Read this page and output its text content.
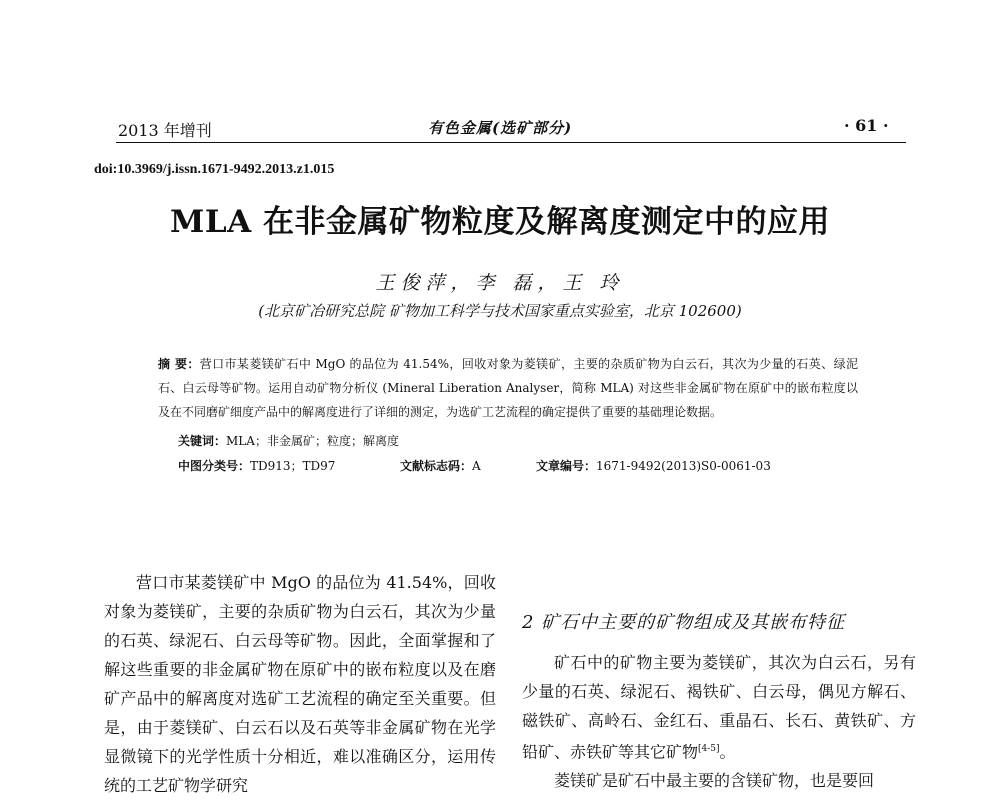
2013 年增刊	有色金属(选矿部分)	· 61 ·
doi:10.3969/j.issn.1671-9492.2013.z1.015
MLA 在非金属矿物粒度及解离度测定中的应用
王俊萍，李 磊，王 玲
(北京矿冶研究总院 矿物加工科学与技术国家重点实验室，北京 102600)
摘 要：营口市某菱镁矿石中 MgO 的品位为 41.54%，回收对象为菱镁矿，主要的杂质矿物为白云石，其次为少量的石英、绿泥石、白云母等矿物。运用自动矿物分析仪 (Mineral Liberation Analyser，简称 MLA) 对这些非金属矿物在原矿中的嵌布粒度以及在不同磨矿细度产品中的解离度进行了详细的测定，为选矿工艺流程的确定提供了重要的基础理论数据。
关键词：MLA；非金属矿；粒度；解离度
中图分类号：TD913；TD97	文献标志码：A	文章编号：1671-9492(2013)S0-0061-03

营口市某菱镁矿中 MgO 的品位为 41.54%，回收对象为菱镁矿，主要的杂质矿物为白云石，其次为少量的石英、绿泥石、白云母等矿物。因此，全面掌握和了解这些重要的非金属矿物在原矿中的嵌布粒度以及在磨矿产品中的解离度对选矿工艺流程的确定至关重要。但是，由于菱镁矿、白云石以及石英等非金属矿物在光学显微镜下的光学性质十分相近，难以准确区分，运用传统的工艺矿物学研究

2 矿石中主要的矿物组成及其嵌布特征

矿石中的矿物主要为菱镁矿，其次为白云石，另有少量的石英、绿泥石、褐铁矿、白云母，偶见方解石、磁铁矿、高岭石、金红石、重晶石、长石、黄铁矿、方铅矿、赤铁矿等其它矿物[4-5]。

菱镁矿是矿石中最主要的含镁矿物，也是要回
